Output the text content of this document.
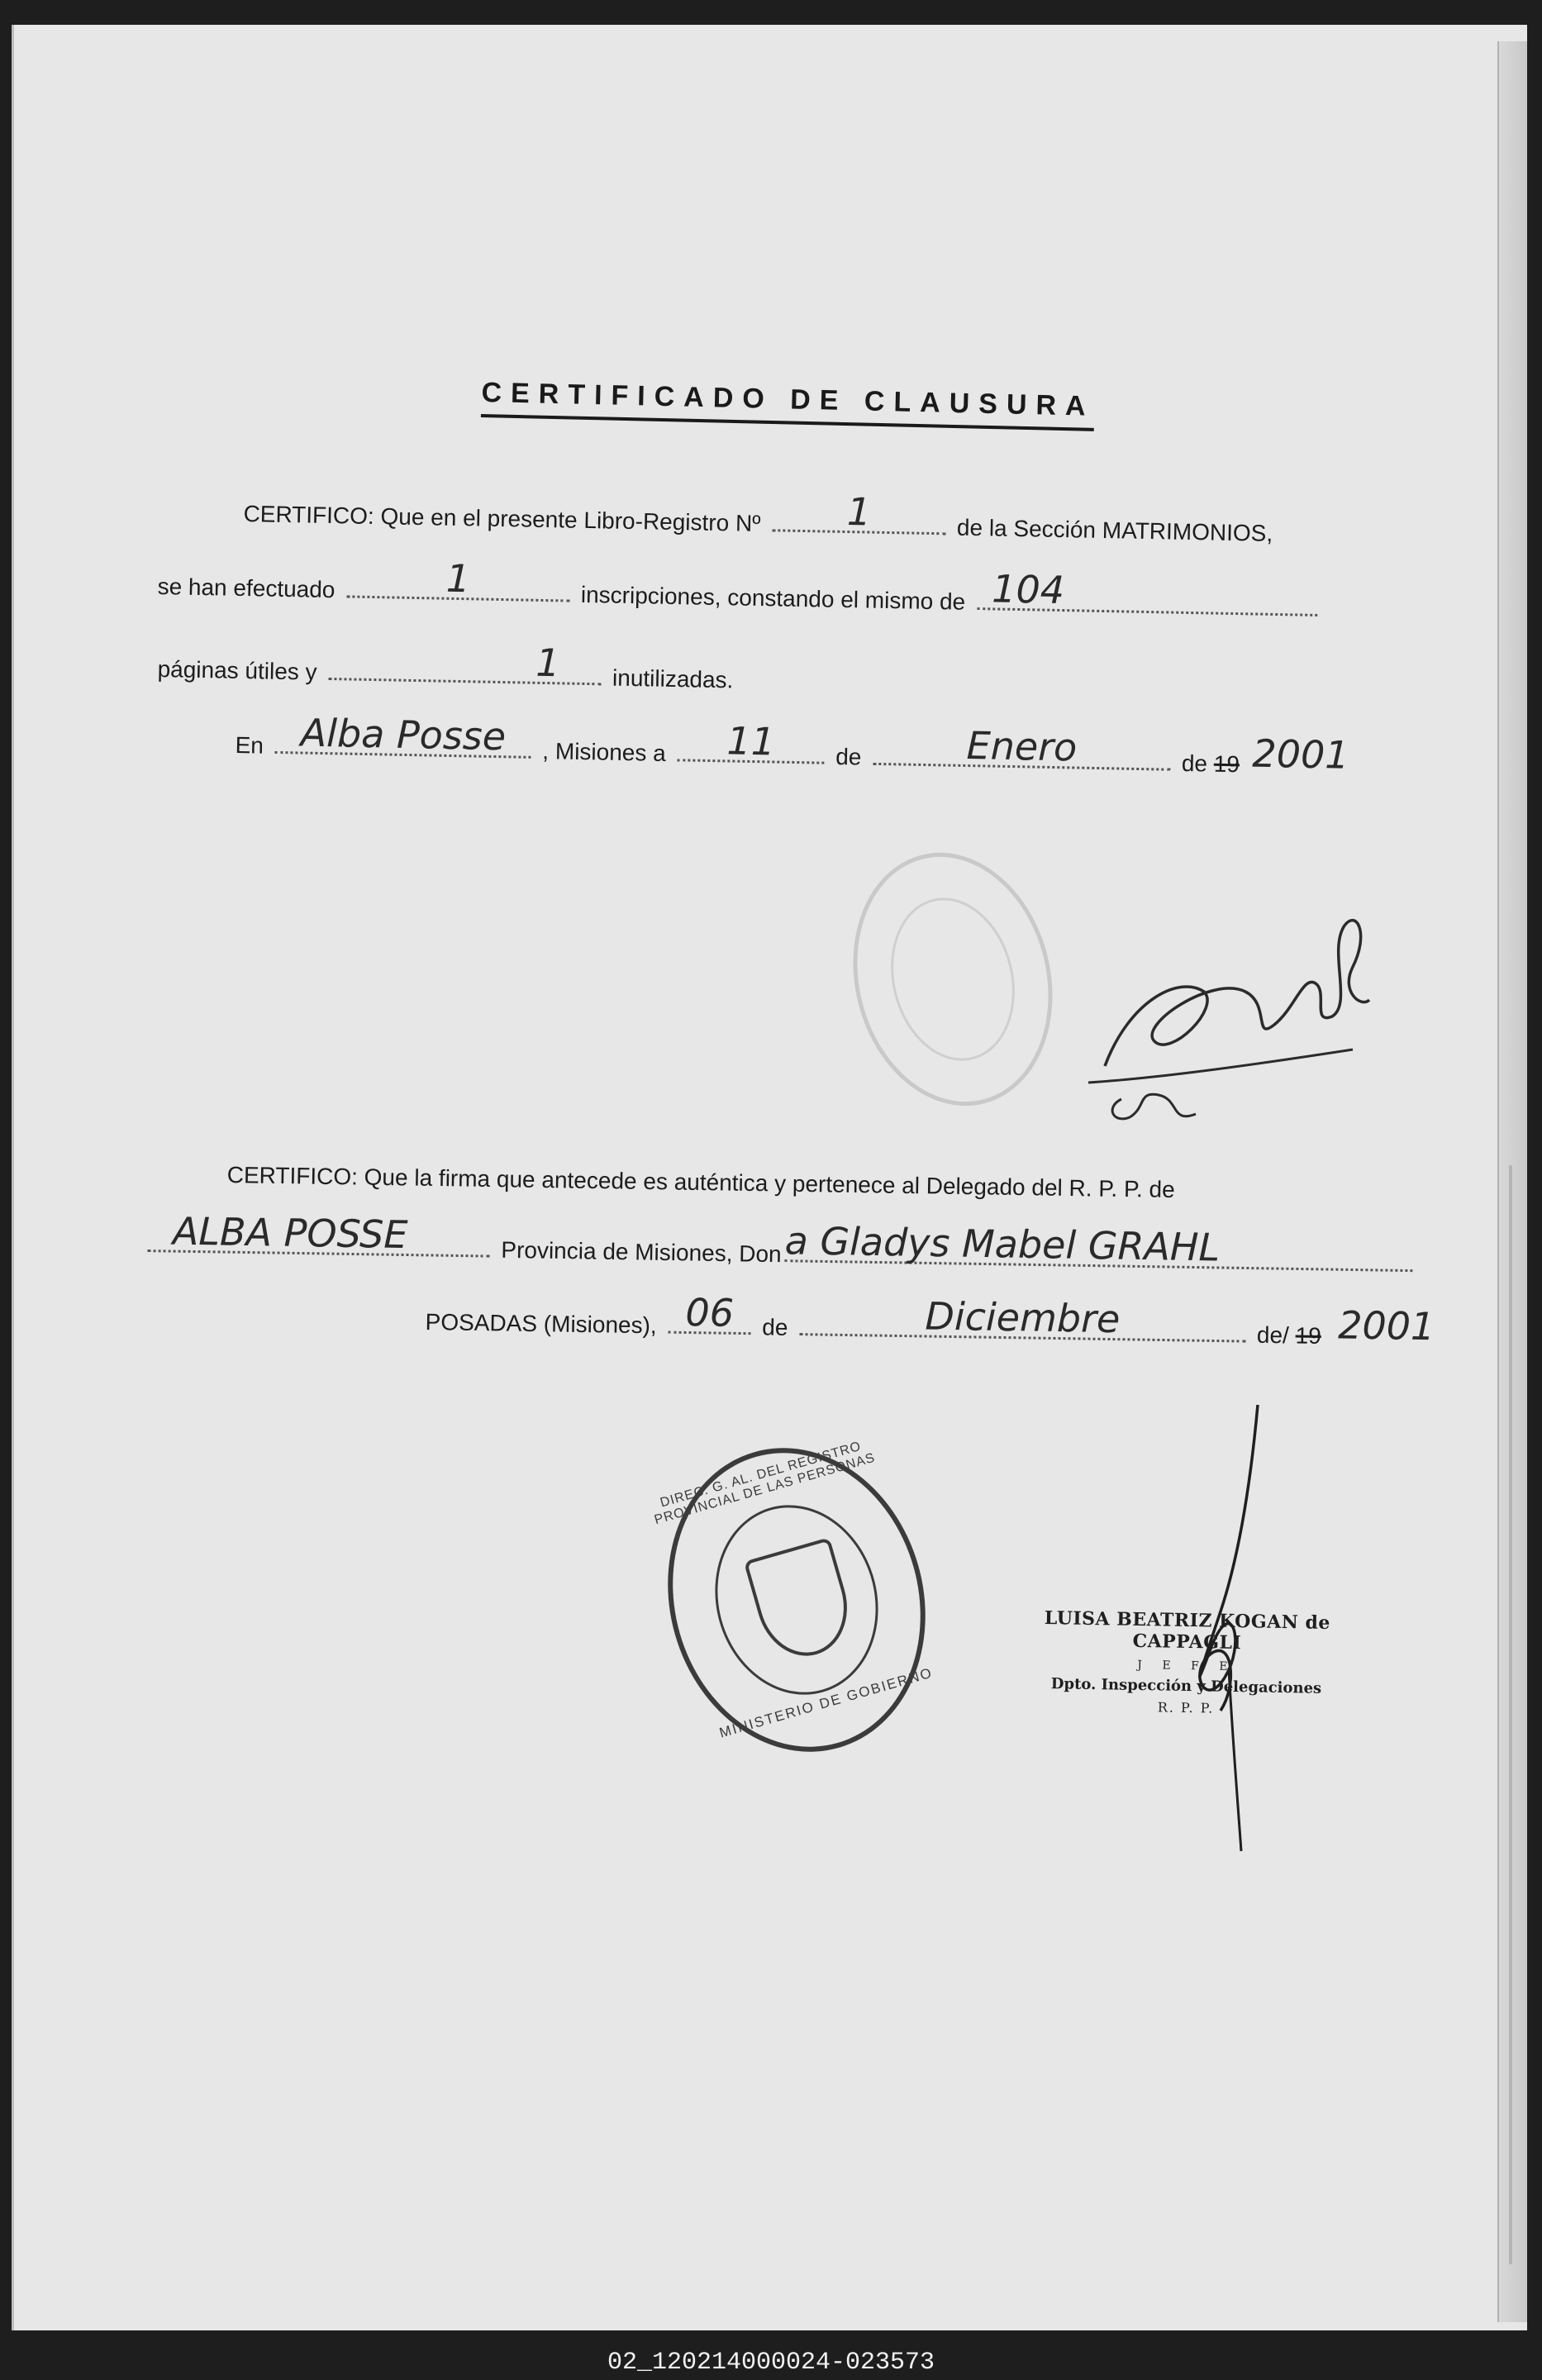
CERTIFICADO DE CLAUSURA
CERTIFICO: Que en el presente Libro-Registro Nº	1	de la Sección MATRIMONIOS,
se han efectuado	1	inscripciones, constando el mismo de 104
páginas útiles y	1	inutilizadas.
En Alba Posse	, Misiones a	11	de	Enero	de 19 2001
CERTIFICO: Que la firma que antecede es auténtica y pertenece al Delegado del R. P. P. de
ALBA POSSE	Provincia de Misiones, Don a Gladys Mabel GRAHL
POSADAS (Misiones), 06	de	Diciembre	de/ 19 2001
DIREC. G. AL. DEL REGISTRO PROVINCIAL DE LAS PERSONAS
MINISTERIO DE GOBIERNO
LUISA BEATRIZ KOGAN de CAPPAGLI
J E F E
Dpto. Inspección y Delegaciones
R. P. P.
02_120214000024-023573
